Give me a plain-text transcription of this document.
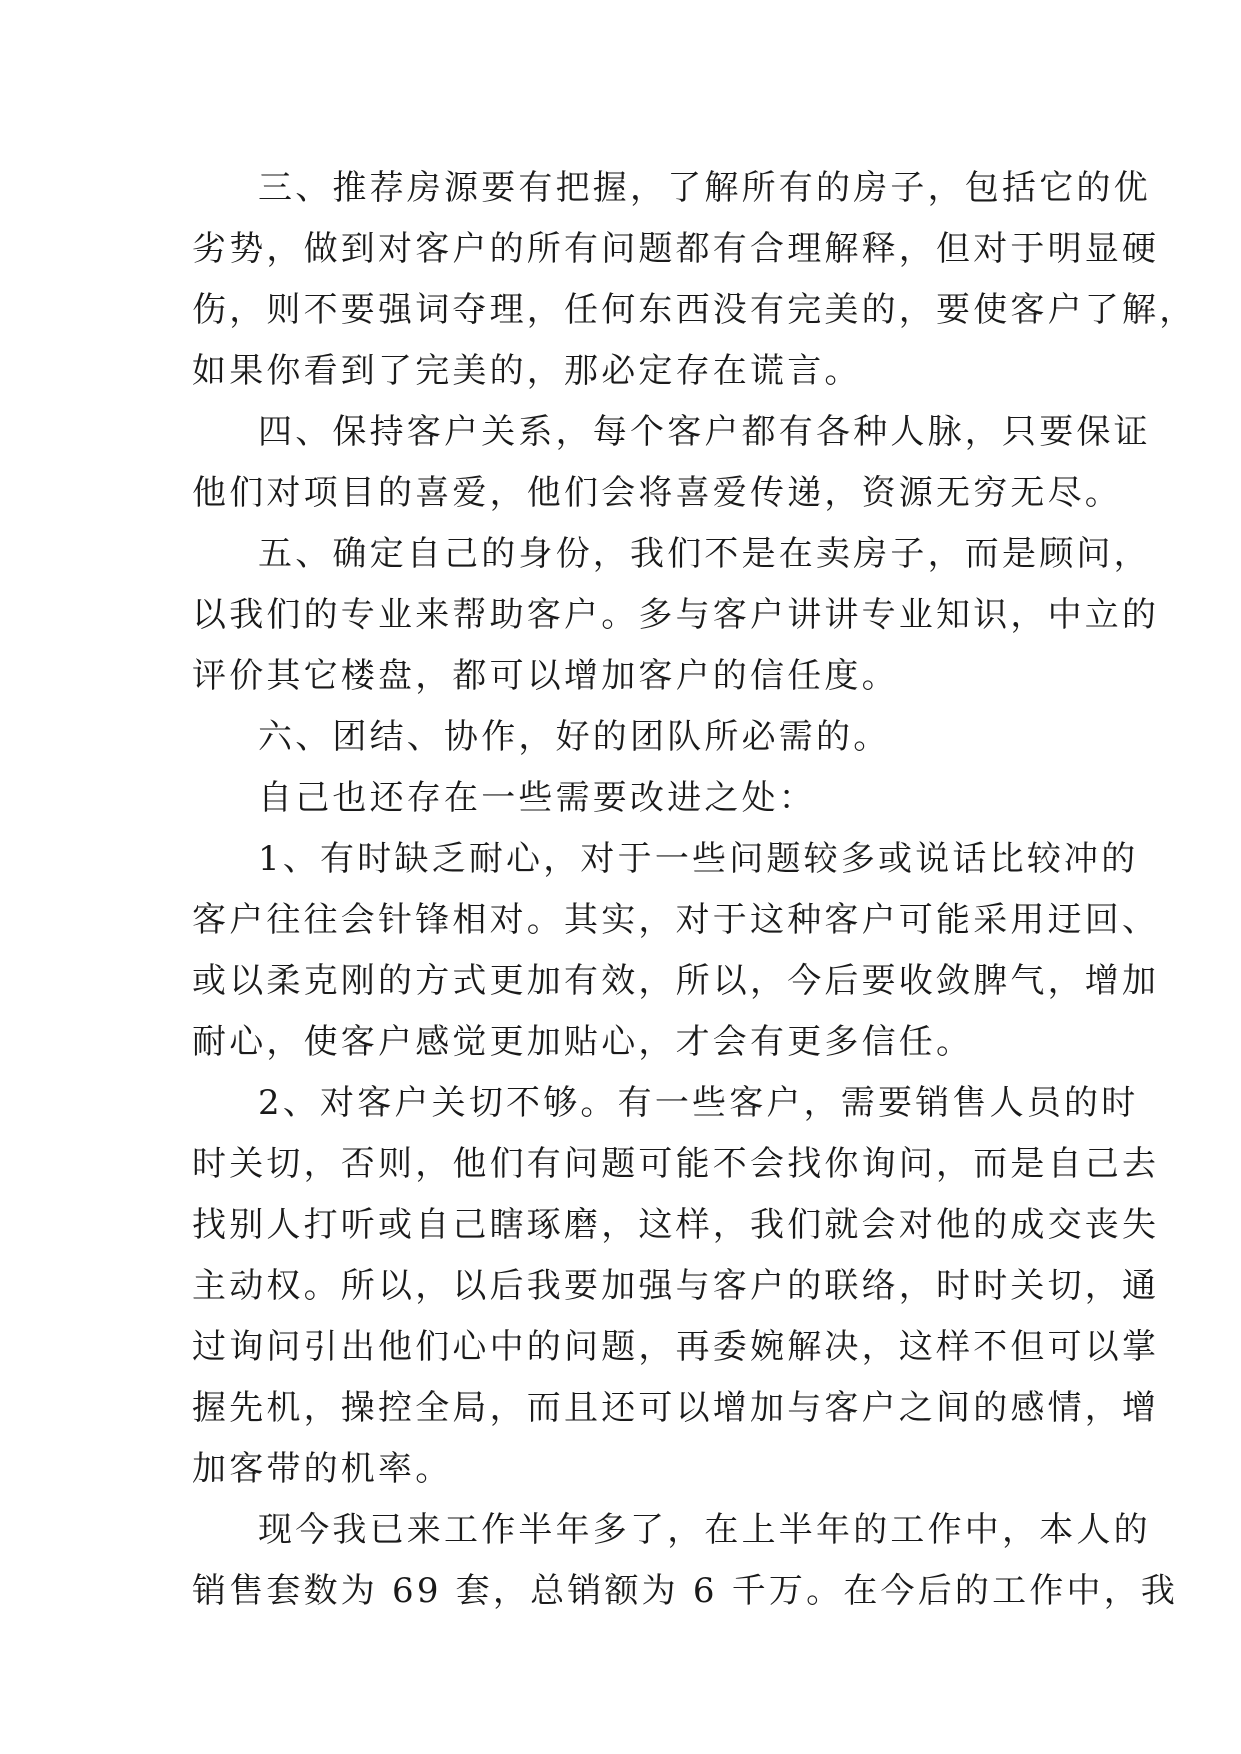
三、推荐房源要有把握，了解所有的房子，包括它的优
劣势，做到对客户的所有问题都有合理解释，但对于明显硬
伤，则不要强词夺理，任何东西没有完美的，要使客户了解，
如果你看到了完美的，那必定存在谎言。
四、保持客户关系，每个客户都有各种人脉，只要保证
他们对项目的喜爱，他们会将喜爱传递，资源无穷无尽。
五、确定自己的身份，我们不是在卖房子，而是顾问，
以我们的专业来帮助客户。多与客户讲讲专业知识，中立的
评价其它楼盘，都可以增加客户的信任度。
六、团结、协作，好的团队所必需的。
自己也还存在一些需要改进之处：
1、有时缺乏耐心，对于一些问题较多或说话比较冲的
客户往往会针锋相对。其实，对于这种客户可能采用迂回、
或以柔克刚的方式更加有效，所以，今后要收敛脾气，增加
耐心，使客户感觉更加贴心，才会有更多信任。
2、对客户关切不够。有一些客户，需要销售人员的时
时关切，否则，他们有问题可能不会找你询问，而是自己去
找别人打听或自己瞎琢磨，这样，我们就会对他的成交丧失
主动权。所以，以后我要加强与客户的联络，时时关切，通
过询问引出他们心中的问题，再委婉解决，这样不但可以掌
握先机，操控全局，而且还可以增加与客户之间的感情，增
加客带的机率。
现今我已来工作半年多了，在上半年的工作中，本人的
销售套数为 69 套，总销额为 6 千万。在今后的工作中，我
